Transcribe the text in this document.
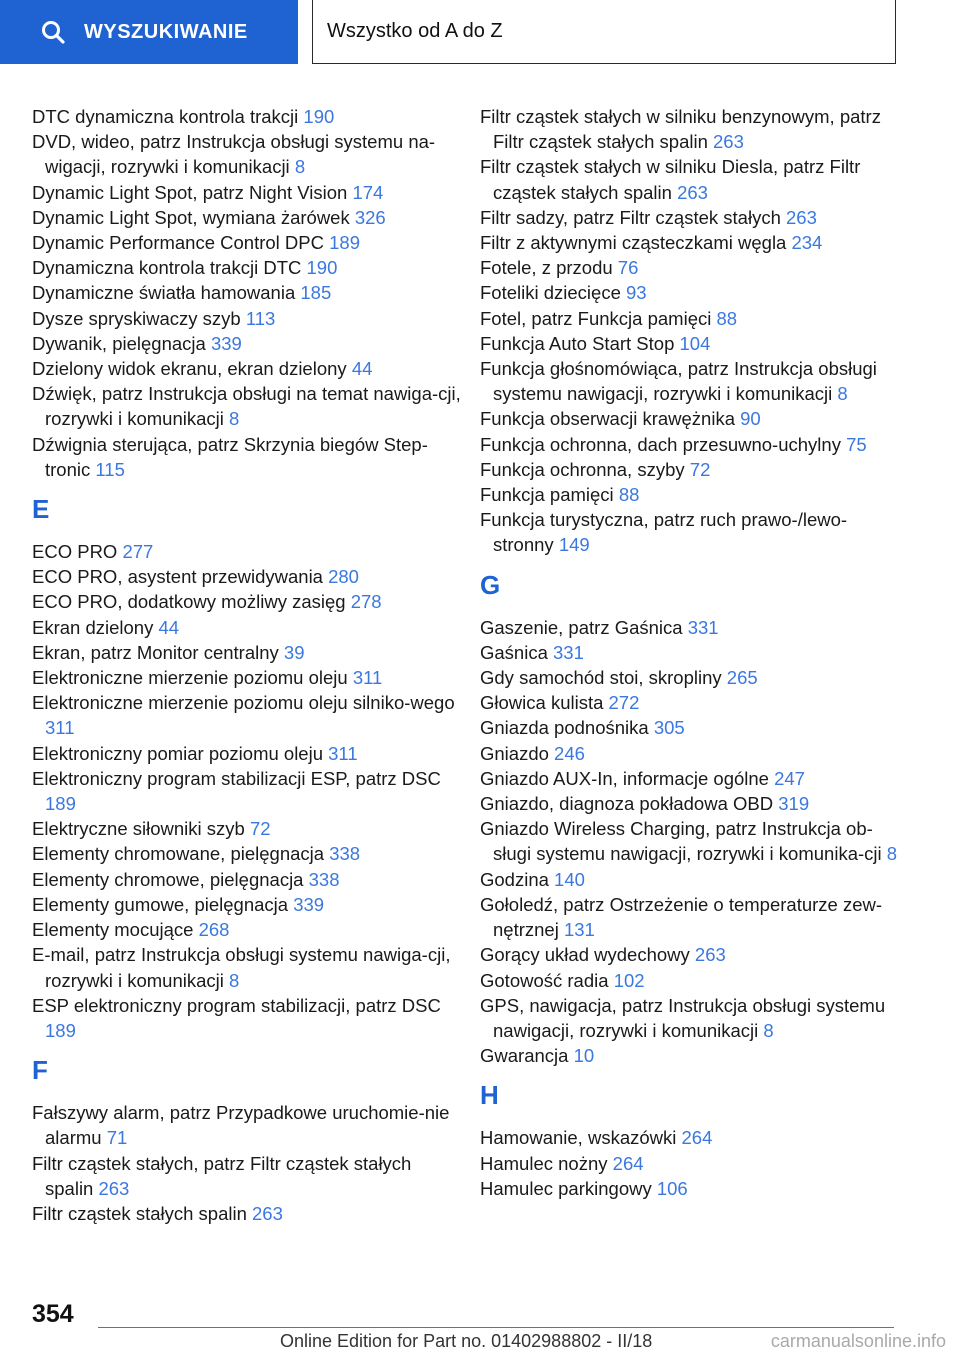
WYSZUKIWANIE	Wszystko od A do Z
DTC dynamiczna kontrola trakcji 190
DVD, wideo, patrz Instrukcja obsługi systemu na‐wigacji, rozrywki i komunikacji 8
Dynamic Light Spot, patrz Night Vision 174
Dynamic Light Spot, wymiana żarówek 326
Dynamic Performance Control DPC 189
Dynamiczna kontrola trakcji DTC 190
Dynamiczne światła hamowania 185
Dysze spryskiwaczy szyb 113
Dywanik, pielęgnacja 339
Dzielony widok ekranu, ekran dzielony 44
Dźwięk, patrz Instrukcja obsługi na temat nawiga‐cji, rozrywki i komunikacji 8
Dźwignia sterująca, patrz Skrzynia biegów Step‐tronic 115
E
ECO PRO 277
ECO PRO, asystent przewidywania 280
ECO PRO, dodatkowy możliwy zasięg 278
Ekran dzielony 44
Ekran, patrz Monitor centralny 39
Elektroniczne mierzenie poziomu oleju 311
Elektroniczne mierzenie poziomu oleju silniko‐wego 311
Elektroniczny pomiar poziomu oleju 311
Elektroniczny program stabilizacji ESP, patrz DSC 189
Elektryczne siłowniki szyb 72
Elementy chromowane, pielęgnacja 338
Elementy chromowe, pielęgnacja 338
Elementy gumowe, pielęgnacja 339
Elementy mocujące 268
E-mail, patrz Instrukcja obsługi systemu nawiga‐cji, rozrywki i komunikacji 8
ESP elektroniczny program stabilizacji, patrz DSC 189
F
Fałszywy alarm, patrz Przypadkowe uruchomie‐nie alarmu 71
Filtr cząstek stałych, patrz Filtr cząstek stałych spalin 263
Filtr cząstek stałych spalin 263
Filtr cząstek stałych w silniku benzynowym, patrz Filtr cząstek stałych spalin 263
Filtr cząstek stałych w silniku Diesla, patrz Filtr cząstek stałych spalin 263
Filtr sadzy, patrz Filtr cząstek stałych 263
Filtr z aktywnymi cząsteczkami węgla 234
Fotele, z przodu 76
Foteliki dziecięce 93
Fotel, patrz Funkcja pamięci 88
Funkcja Auto Start Stop 104
Funkcja głośnomówiąca, patrz Instrukcja obsługi systemu nawigacji, rozrywki i komunikacji 8
Funkcja obserwacji krawężnika 90
Funkcja ochronna, dach przesuwno-uchylny 75
Funkcja ochronna, szyby 72
Funkcja pamięci 88
Funkcja turystyczna, patrz ruch prawo-/lewo‐stronny 149
G
Gaszenie, patrz Gaśnica 331
Gaśnica 331
Gdy samochód stoi, skropliny 265
Głowica kulista 272
Gniazda podnośnika 305
Gniazdo 246
Gniazdo AUX-In, informacje ogólne 247
Gniazdo, diagnoza pokładowa OBD 319
Gniazdo Wireless Charging, patrz Instrukcja ob‐sługi systemu nawigacji, rozrywki i komunika‐cji 8
Godzina 140
Gołoledź, patrz Ostrzeżenie o temperaturze zew‐nętrznej 131
Gorący układ wydechowy 263
Gotowość radia 102
GPS, nawigacja, patrz Instrukcja obsługi systemu nawigacji, rozrywki i komunikacji 8
Gwarancja 10
H
Hamowanie, wskazówki 264
Hamulec nożny 264
Hamulec parkingowy 106
354
Online Edition for Part no. 01402988802 - II/18	carmanualsonline.info
